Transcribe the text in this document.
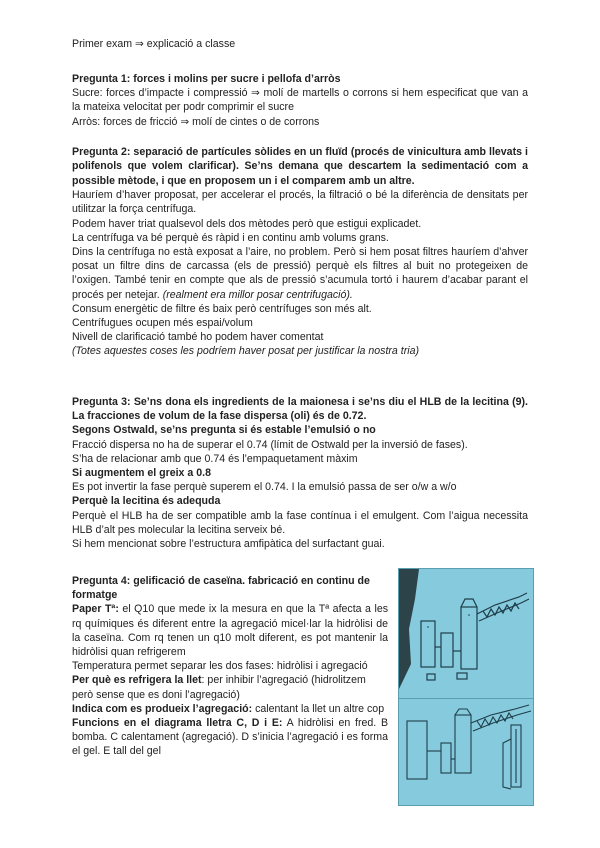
Primer exam ⇒ explicació a classe

Pregunta 1: forces i molins per sucre i pellofa d’arròs

Sucre: forces d’impacte i compressió ⇒ molí de martells o corrons si hem especificat que van a la mateixa velocitat per podr comprimir el sucre

Arròs: forces de fricció ⇒ molí de cintes o de corrons

Pregunta 2: separació de partícules sòlides en un fluïd (procés de vinicultura amb llevats i polifenols que volem clarificar). Se’ns demana que descartem la sedimentació com a possible mètode, i que en proposem un i el comparem amb un altre.

Hauríem d’haver proposat, per accelerar el procés, la filtració o bé la diferència de densitats per utilitzar la força centrífuga.

Podem haver triat qualsevol dels dos mètodes però que estigui explicadet.

La centrífuga va bé perquè és ràpid i en continu amb volums grans.

Dins la centrífuga no està exposat a l’aire, no problem. Però si hem posat filtres hauríem d’ahver posat un filtre dins de carcassa (els de pressió) perquè els filtres al buit no protegeixen de l’oxigen. També tenir en compte que als de pressió s’acumula tortó i haurem d’acabar parant el procés per netejar. (realment era millor posar centrifugació).

Consum energètic de filtre és baix però centrífuges son més alt.

Centrífugues ocupen més espai/volum

Nivell de clarificació també ho podem haver comentat

(Totes aquestes coses les podríem haver posat per justificar la nostra tria)

Pregunta 3: Se’ns dona els ingredients de la maionesa i se’ns diu el HLB de la lecitina (9). La fracciones de volum de la fase dispersa (oli) és de 0.72.

Segons Ostwald, se’ns pregunta si és estable l’emulsió o no

Fracció dispersa no ha de superar el 0.74 (límit de Ostwald per la inversió de fases).

S’ha de relacionar amb que 0.74 és l’empaquetament màxim

Si augmentem el greix a 0.8

Es pot invertir la fase perquè superem el 0.74. I la emulsió passa de ser o/w a w/o

Perquè la lecitina és adequda

Perquè el HLB ha de ser compatible amb la fase contínua i el emulgent. Com l’aigua necessita HLB d’alt pes molecular la lecitina serveix bé.

Si hem mencionat sobre l’estructura amfipàtica del surfactant guai.

Pregunta 4: gelificació de caseïna. fabricació en continu de formatge

Paper Tª: el Q10 que mede ix la mesura en que la Tª afecta a les rq químiques és diferent entre la agregació micel·lar la hidròlisi de la caseïna. Com rq tenen un q10 molt diferent, es pot mantenir la hidròlisi quan refrigerem

Temperatura permet separar les dos fases: hidròlisi i agregació

Per què es refrigera la llet: per inhibir l’agregació (hidrolitzem però sense que es doni l’agregació)

Indica com es produeix l’agregació: calentant la llet un altre cop

Funcions en el diagrama lletra C, D i E: A hidròlisi en fred. B bomba. C calentament (agregació). D s’inicia l’agregació i es forma el gel. E tall del gel
